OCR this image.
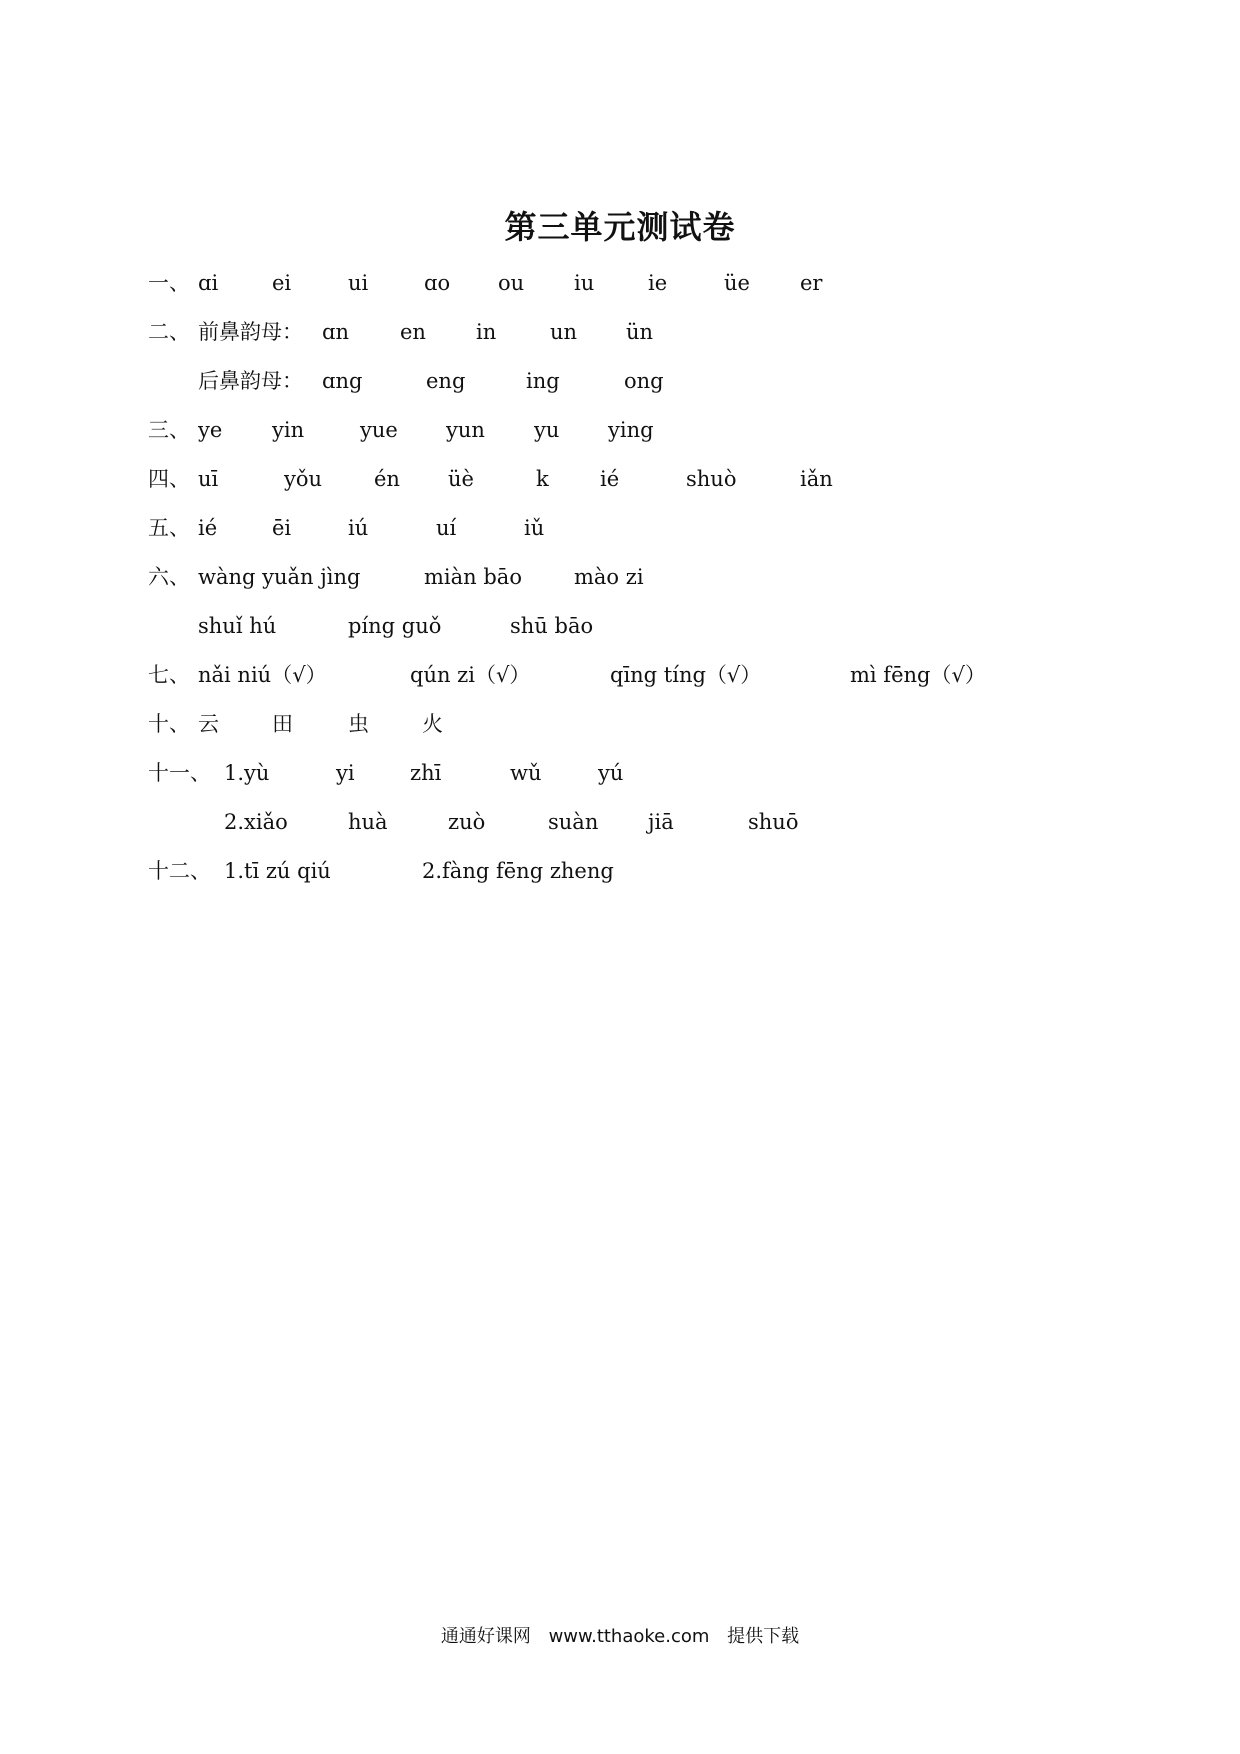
第三单元测试卷
一、 ɑi	ei	ui	ɑo ou iu	ie	üe er
二、 前鼻韵母： ɑn en in	un ün
后鼻韵母： ɑng	eng	ing	ong
三、 ye yin	yue yun yu ying
四、 uī	yǒu én üè	k ié	shuò	iǎn
五、 ié	ēi	iú	uí	iǔ
六、 wàng yuǎn jìng	miàn bāo mào zi
shuǐ hú	píng guǒ	shū bāo
七、 nǎi niú（√）	qún zi（√）	qīng tíng（√）	mì fēng（√）
十、 云	田	虫	火
十一、 1.yù	yi	zhī	wǔ	yú
2.xiǎo	huà	zuò	suàn jiā	shuō
十二、 1.tī zú qiú	2.fàng fēng zheng
通通好课网 www.tthaoke.com 提供下载
